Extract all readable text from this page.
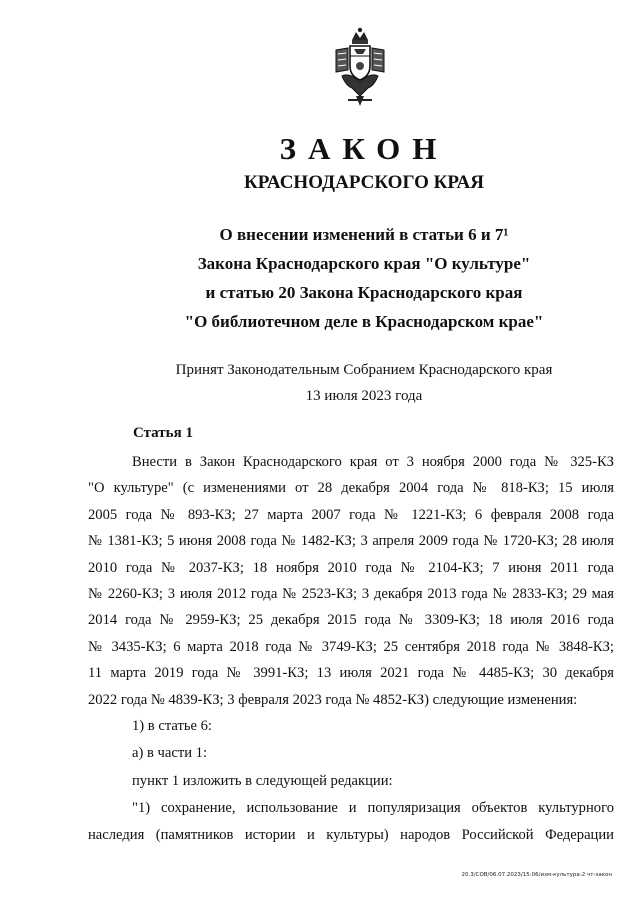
ЗАКОН
КРАСНОДАРСКОГО КРАЯ
О внесении изменений в статьи 6 и 7¹
Закона Краснодарского края "О культуре"
и статью 20 Закона Краснодарского края
"О библиотечном деле в Краснодарском крае"
Принят Законодательным Собранием Краснодарского края
13 июля 2023 года
Статья 1
Внести в Закон Краснодарского края от 3 ноября 2000 года № 325-КЗ
"О культуре" (с изменениями от 28 декабря 2004 года № 818-КЗ; 15 июля
2005 года № 893-КЗ; 27 марта 2007 года № 1221-КЗ; 6 февраля 2008 года
№ 1381-КЗ; 5 июня 2008 года № 1482-КЗ; 3 апреля 2009 года № 1720-КЗ; 28 июля
2010 года № 2037-КЗ; 18 ноября 2010 года № 2104-КЗ; 7 июня 2011 года
№ 2260-КЗ; 3 июля 2012 года № 2523-КЗ; 3 декабря 2013 года № 2833-КЗ; 29 мая
2014 года № 2959-КЗ; 25 декабря 2015 года № 3309-КЗ; 18 июля 2016 года
№ 3435-КЗ; 6 марта 2018 года № 3749-КЗ; 25 сентября 2018 года № 3848-КЗ;
11 марта 2019 года № 3991-КЗ; 13 июля 2021 года № 4485-КЗ; 30 декабря
2022 года № 4839-КЗ; 3 февраля 2023 года № 4852-КЗ) следующие изменения:
1) в статье 6:
а) в части 1:
пункт 1 изложить в следующей редакции:
"1) сохранение, использование и популяризация объектов культурного
наследия (памятников истории и культуры) народов Российской Федерации
20.3/СОВ/06.07.2023/15:06/изм-культура-2 чт-закон
